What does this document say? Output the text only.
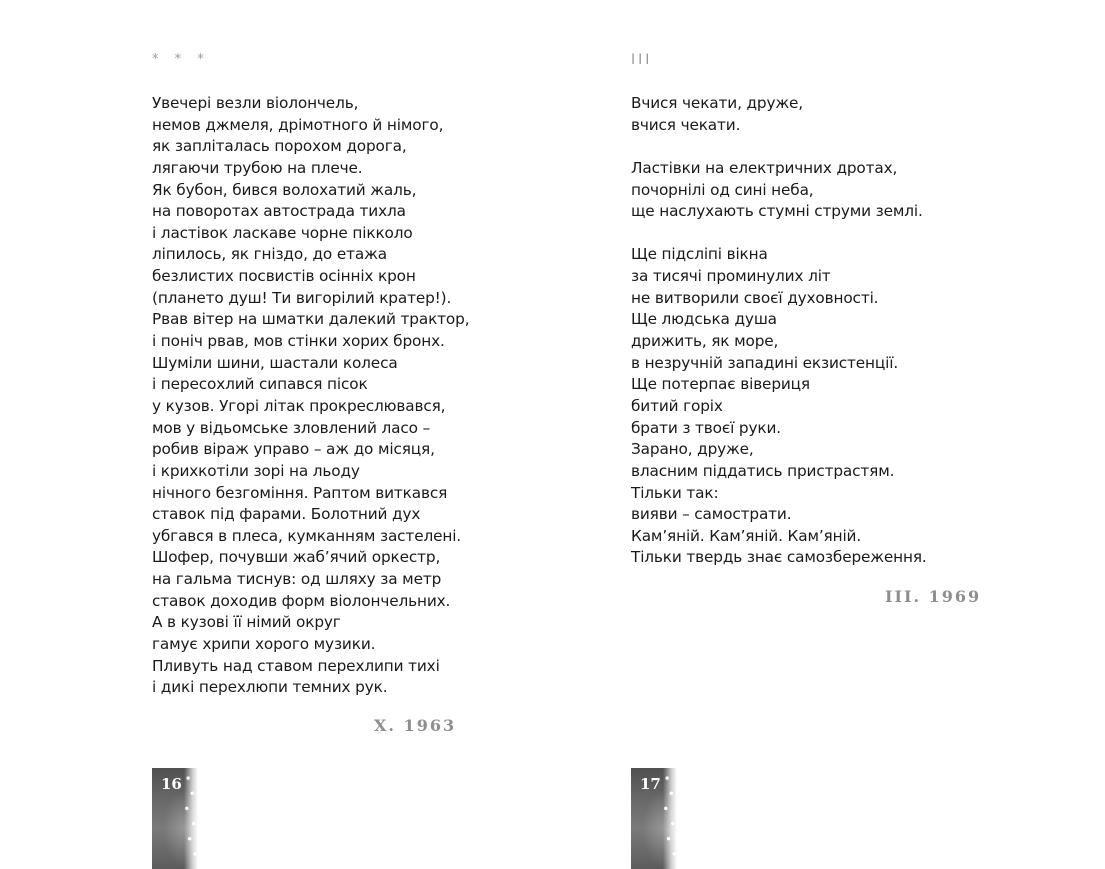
* * *
Увечері везли віолончель,
немов джмеля, дрімотного й німого,
як запліталась порохом дорога,
лягаючи трубою на плече.
Як бубон, бився волохатий жаль,
на поворотах автострада тихла
і ластівок ласкаве чорне пікколо
ліпилось, як гніздо, до етажа
безлистих посвистів осінніх крон
(плането душ! Ти вигорілий кратер!).
Рвав вітер на шматки далекий трактор,
і поніч рвав, мов стінки хорих бронх.
Шуміли шини, шастали колеса
і пересохлий сипався пісок
у кузов. Угорі літак прокреслювався,
мов у відьомське зловлений ласо –
робив віраж управо – аж до місяця,
і крихкотіли зорі на льоду
нічного безгоміння. Раптом виткався
ставок під фарами. Болотний дух
убгався в плеса, кумканням застелені.
Шофер, почувши жаб’ячий оркестр,
на гальма тиснув: од шляху за метр
ставок доходив форм віолончельних.
А в кузові її німий округ
гамує хрипи хорого музики.
Пливуть над ставом перехлипи тихі
і дикі перехлюпи темних рук.
X. 1963
16
III
Вчися чекати, друже,
вчися чекати.
Ластівки на електричних дротах,
почорнілі од сині неба,
ще наслухають стумні струми землі.
Ще підсліпі вікна
за тисячі проминулих літ
не витворили своєї духовності.
Ще людська душа
дрижить, як море,
в незручній западині екзистенції.
Ще потерпає вівериця
битий горіх
брати з твоєї руки.
Зарано, друже,
власним піддатись пристрастям.
Тільки так:
вияви – самострати.
Кам’яній. Кам’яній. Кам’яній.
Тільки твердь знає самозбереження.
III. 1969
17
